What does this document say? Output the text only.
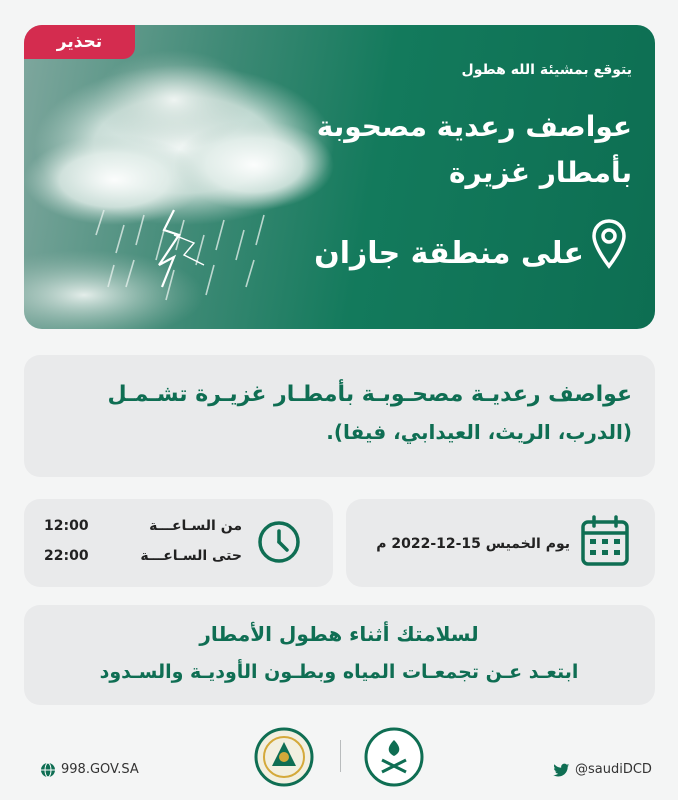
تحذير
يتوقع بمشيئة الله هطول
عواصف رعدية مصحوبة
بأمطار غزيرة
على منطقة جازان
عواصف رعديـة مصحـوبـة بأمطـار غزيـرة تشـمـل
(الدرب، الريث، العيدابي، فيفا).
12:00	من السـاعـــة
22:00	حتى السـاعـــة
يوم الخميس 15-12-2022 م
لسلامتك أثناء هطول الأمطار
ابتعـد عـن تجمعـات المياه وبطـون الأوديـة والسـدود
998.GOV.SA	@saudiDCD
